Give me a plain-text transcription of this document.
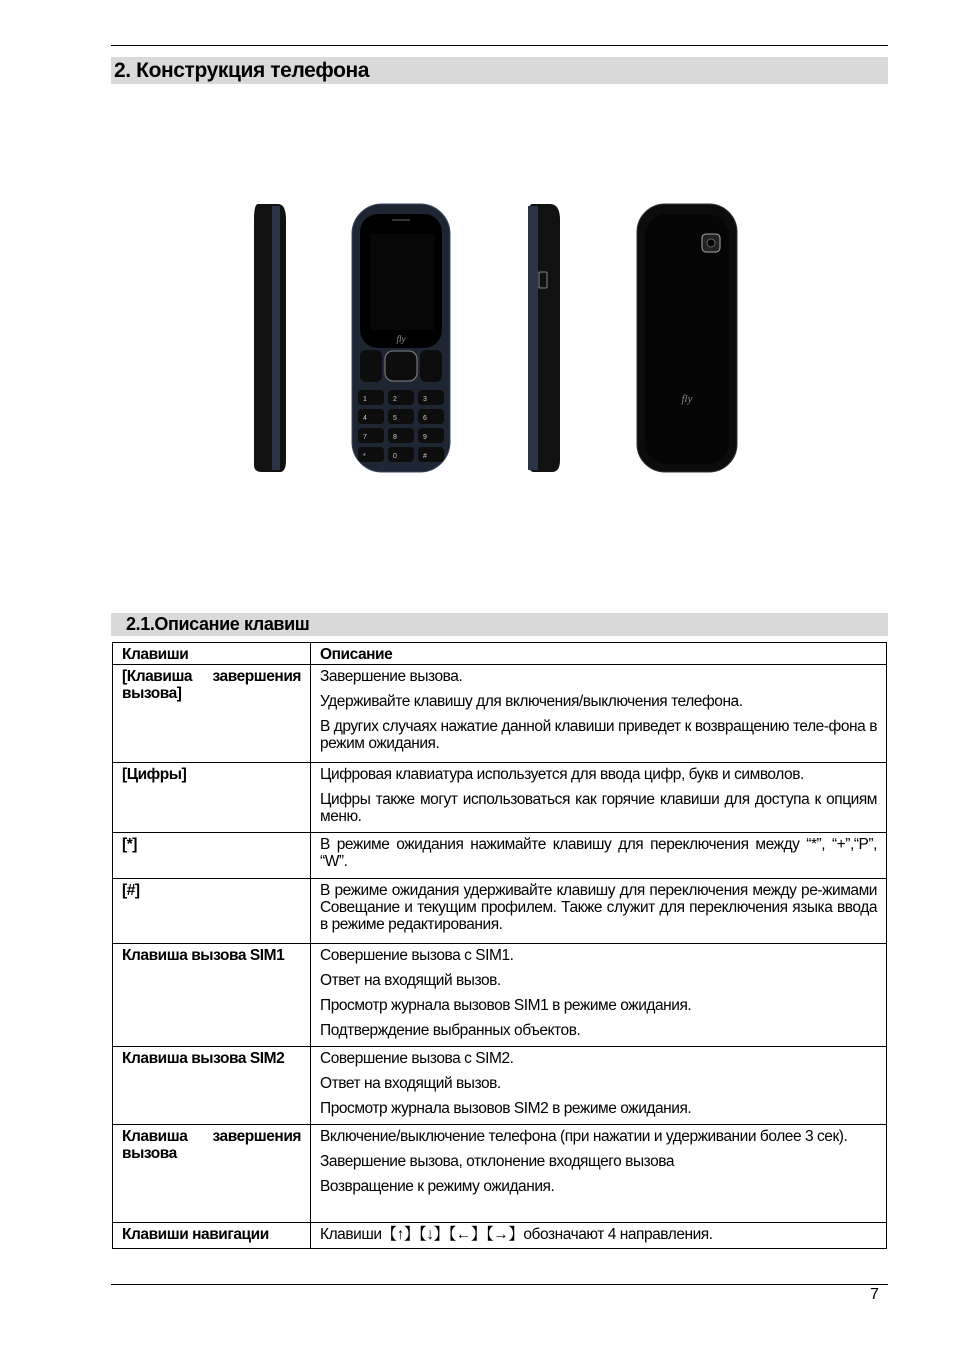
2. Конструкция телефона
fly
1	2	3
4	5	6
7	8	9
*	0	#
fly
2.1.Описание клавиш
Клавиши	Описание
[Клавиша завершения вызова]	Завершение вызова.

Удерживайте клавишу для включения/выключения телефона.

В других случаях нажатие данной клавиши приведет к возвращению теле-фона в режим ожидания.

[Цифры]	Цифровая клавиатура используется для ввода цифр, букв и символов.

Цифры также могут использоваться как горячие клавиши для доступа к опциям меню.

[*]	В режиме ожидания нажимайте клавишу для переключения между “*”, “+”,“P”, “W”.

[#]	В режиме ожидания удерживайте клавишу для переключения между ре-жимами Совещание и текущим профилем. Также служит для переключения языка ввода в режиме редактирования.

Клавиша вызова SIM1	Совершение вызова с SIM1.

Ответ на входящий вызов.

Просмотр журнала вызовов SIM1 в режиме ожидания.

Подтверждение выбранных объектов.

Клавиша вызова SIM2	Совершение вызова с SIM2.

Ответ на входящий вызов.

Просмотр журнала вызовов SIM2 в режиме ожидания.

Клавиша завершения вызова	Включение/выключение телефона (при нажатии и удерживании более 3 сек).

Завершение вызова, отклонение входящего вызова

Возвращение к режиму ожидания.

Клавиши навигации	Клавиши【↑】【↓】【←】【→】обозначают 4 направления.

7
